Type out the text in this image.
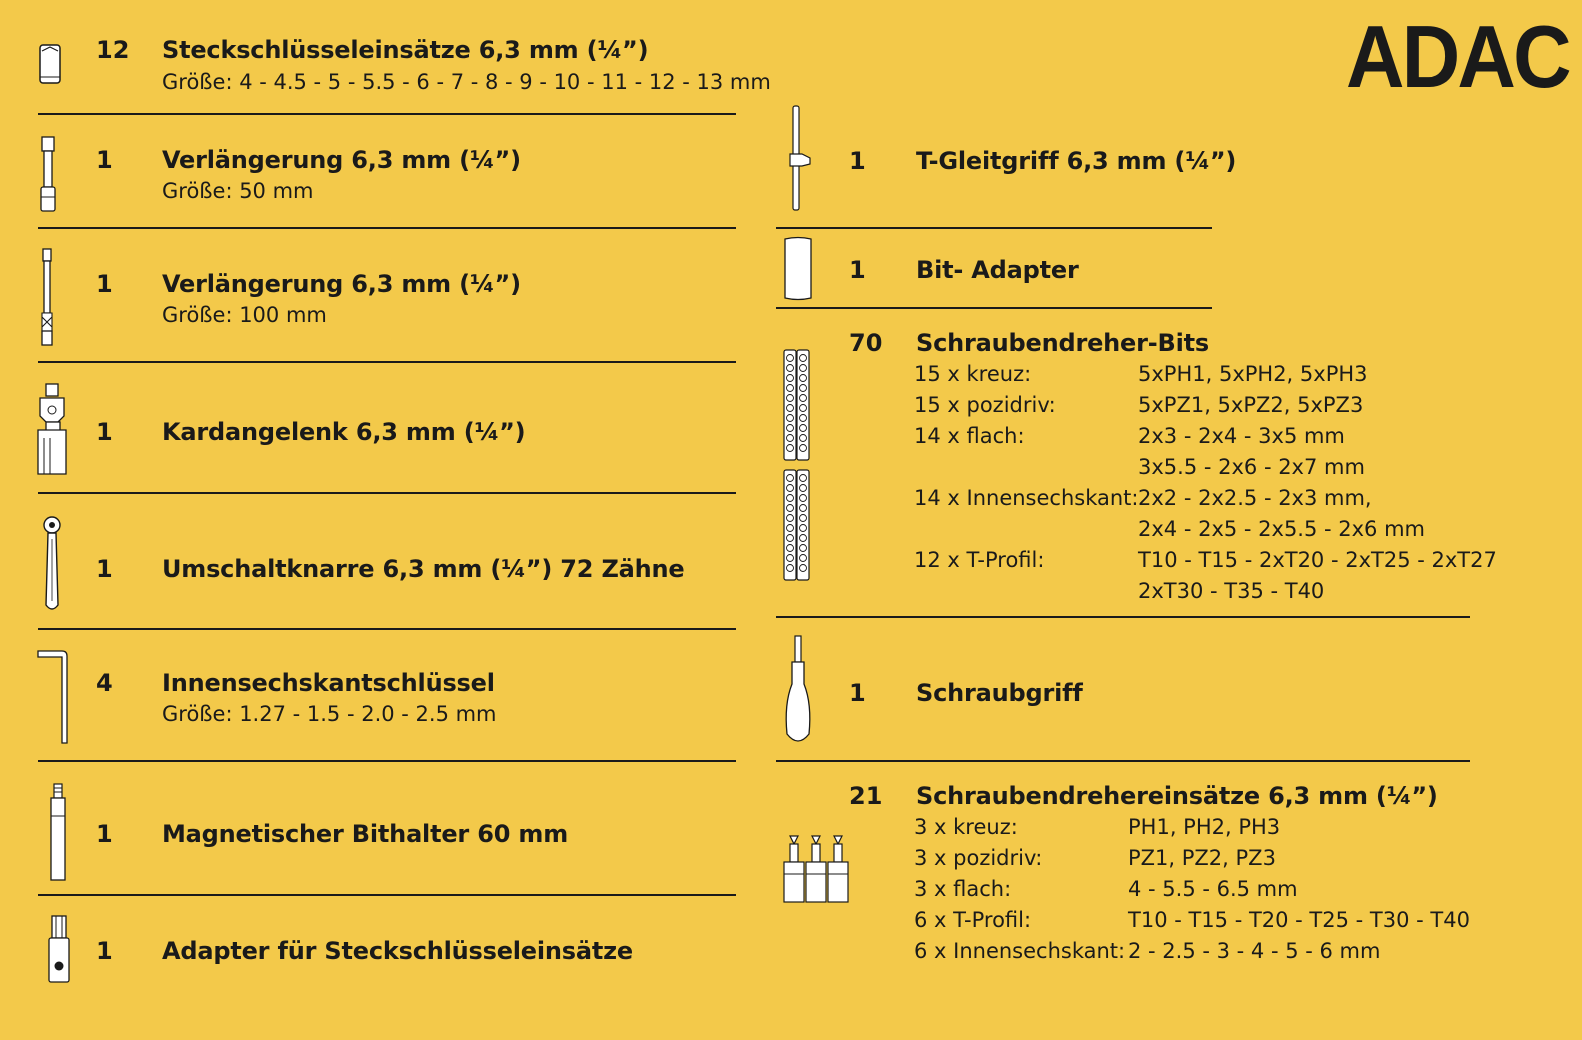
ADAC
12 Steckschlüsseleinsätze 6,3 mm (¼”)
Größe: 4 - 4.5 - 5 - 5.5 - 6 - 7 - 8 - 9 - 10 - 11 - 12 - 13 mm
1 Verlängerung 6,3 mm (¼”)
Größe: 50 mm
1 Verlängerung 6,3 mm (¼”)
Größe: 100 mm
1 Kardangelenk 6,3 mm (¼”)
1 Umschaltknarre 6,3 mm (¼”) 72 Zähne
4 Innensechskantschlüssel
Größe: 1.27 - 1.5 - 2.0 - 2.5 mm
1 Magnetischer Bithalter 60 mm
1 Adapter für Steckschlüsseleinsätze
1 T-Gleitgriff 6,3 mm (¼”)
1 Bit- Adapter
70 Schraubendreher-Bits
15 x kreuz:	5xPH1, 5xPH2, 5xPH3
15 x pozidriv:	5xPZ1, 5xPZ2, 5xPZ3
14 x flach:	2x3 - 2x4 - 3x5 mm
3x5.5 - 2x6 - 2x7 mm
14 x Innensechskant: 2x2 - 2x2.5 - 2x3 mm,
2x4 - 2x5 - 2x5.5 - 2x6 mm
12 x T-Profil:	T10 - T15 - 2xT20 - 2xT25 - 2xT27
2xT30 - T35 - T40
1 Schraubgriff
21 Schraubendrehereinsätze 6,3 mm (¼”)
3 x kreuz:	PH1, PH2, PH3
3 x pozidriv:	PZ1, PZ2, PZ3
3 x flach:	4 - 5.5 - 6.5 mm
6 x T-Profil:	T10 - T15 - T20 - T25 - T30 - T40
6 x Innensechskant: 2 - 2.5 - 3 - 4 - 5 - 6 mm
